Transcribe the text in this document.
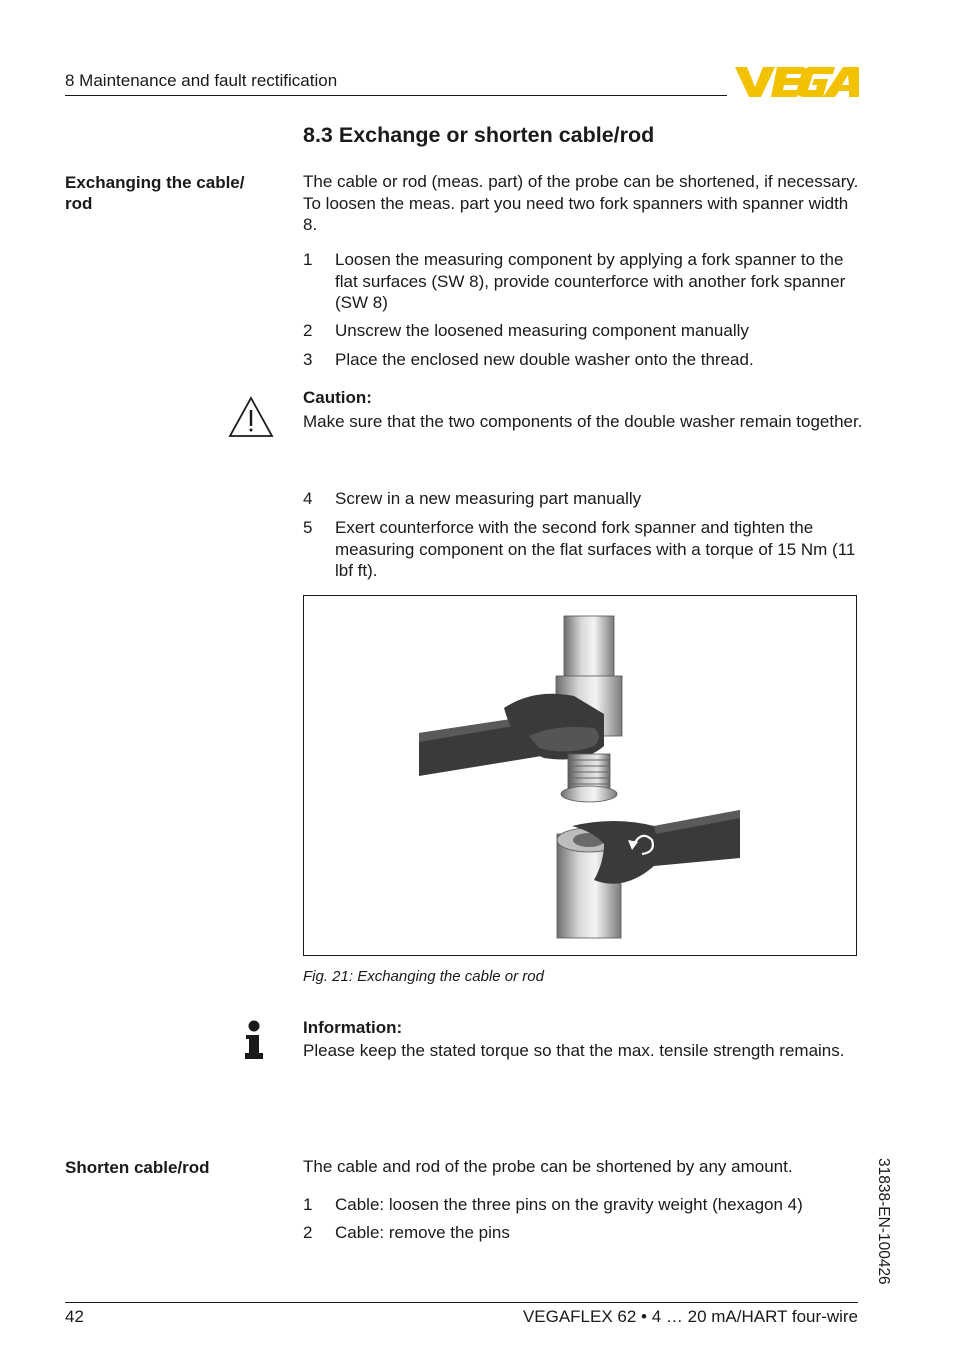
8 Maintenance and fault rectification
8.3 Exchange or shorten cable/rod
Exchanging the cable/ rod
The cable or rod (meas. part) of the probe can be shortened, if necessary. To loosen the meas. part you need two fork spanners with spanner width 8.
1	Loosen the measuring component by applying a fork spanner to the flat surfaces (SW 8), provide counterforce with another fork spanner (SW 8)
2	Unscrew the loosened measuring component manually
3	Place the enclosed new double washer onto the thread.
Caution:
Make sure that the two components of the double washer remain together.
4	Screw in a new measuring part manually
5	Exert counterforce with the second fork spanner and tighten the measuring component on the flat surfaces with a torque of 15 Nm (11 lbf ft).
Fig. 21: Exchanging the cable or rod
Information:
Please keep the stated torque so that the max. tensile strength remains.
Shorten cable/rod	The cable and rod of the probe can be shortened by any amount.
1	Cable: loosen the three pins on the gravity weight (hexagon 4)
2	Cable: remove the pins	31838-EN-100426
42	VEGAFLEX 62 • 4 … 20 mA/HART four-wire
